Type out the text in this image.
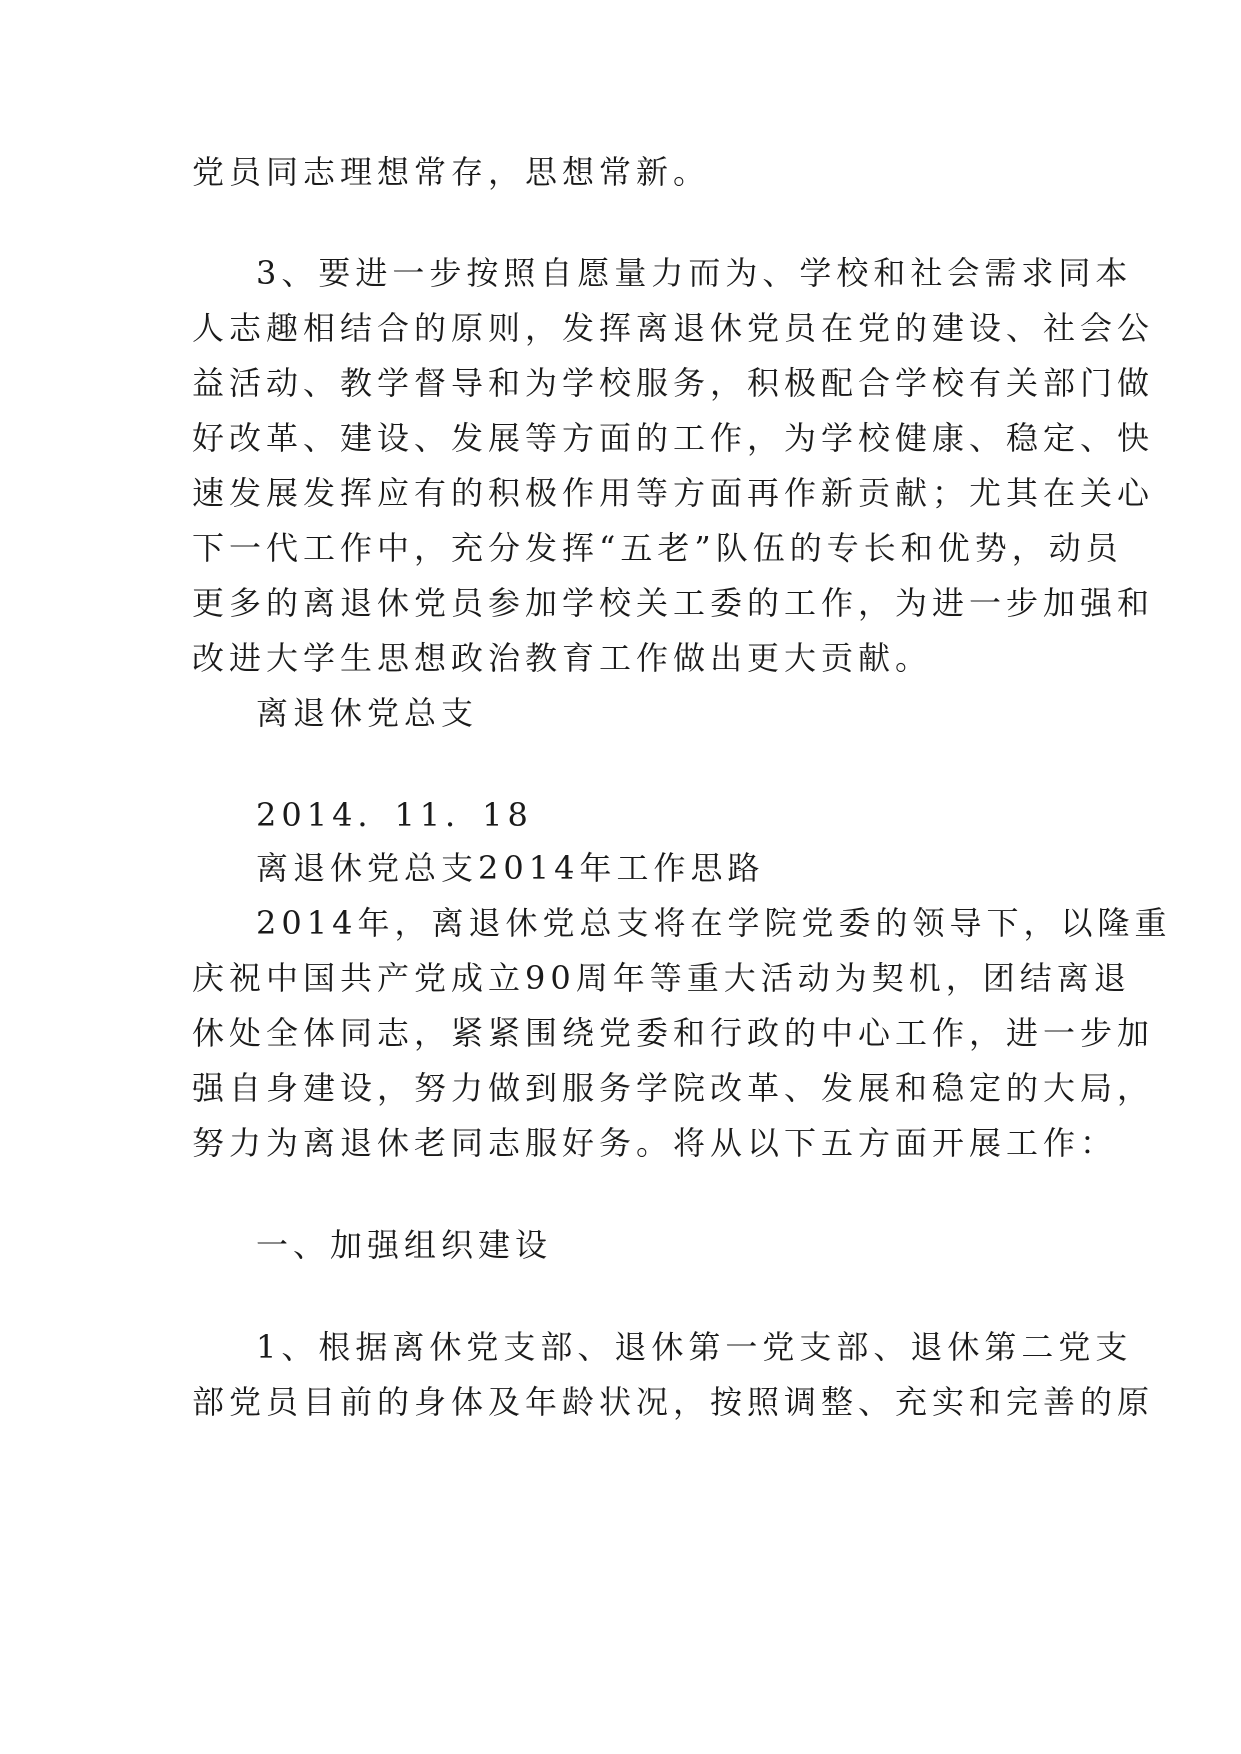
党员同志理想常存，思想常新。
3、要进一步按照自愿量力而为、学校和社会需求同本
人志趣相结合的原则，发挥离退休党员在党的建设、社会公
益活动、教学督导和为学校服务，积极配合学校有关部门做
好改革、建设、发展等方面的工作，为学校健康、稳定、快
速发展发挥应有的积极作用等方面再作新贡献；尤其在关心
下一代工作中，充分发挥“五老”队伍的专长和优势，动员
更多的离退休党员参加学校关工委的工作，为进一步加强和
改进大学生思想政治教育工作做出更大贡献。
离退休党总支
2014．11．18
离退休党总支2014年工作思路
2014年，离退休党总支将在学院党委的领导下，以隆重
庆祝中国共产党成立90周年等重大活动为契机，团结离退
休处全体同志，紧紧围绕党委和行政的中心工作，进一步加
强自身建设，努力做到服务学院改革、发展和稳定的大局，
努力为离退休老同志服好务。将从以下五方面开展工作：
一、加强组织建设
1、根据离休党支部、退休第一党支部、退休第二党支
部党员目前的身体及年龄状况，按照调整、充实和完善的原
